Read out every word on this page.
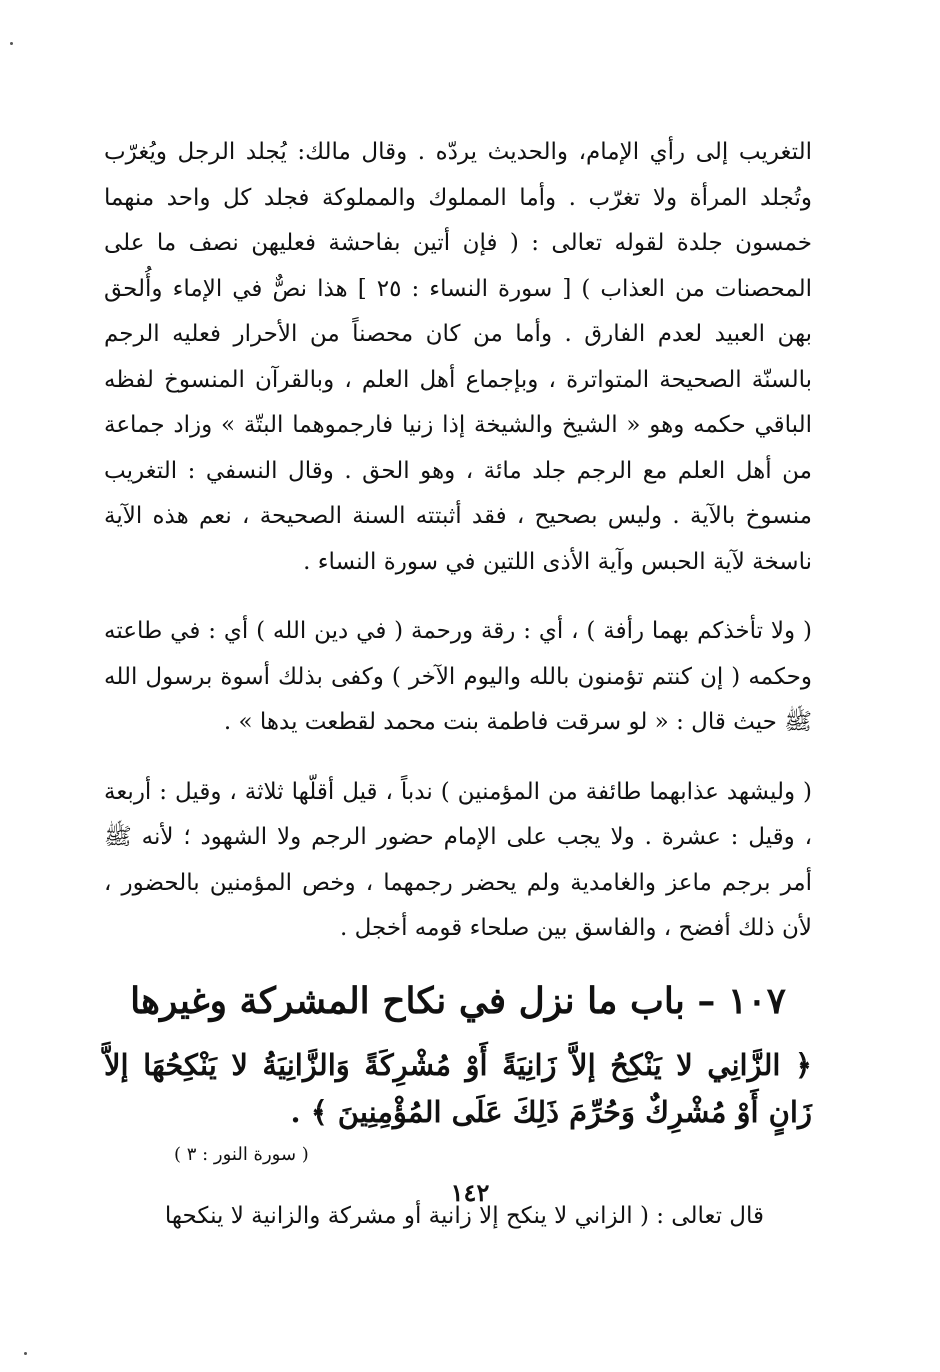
التغريب إلى رأي الإمام، والحديث يردّه . وقال مالك: يُجلد الرجل ويُغرّب وتُجلد المرأة ولا تغرّب . وأما المملوك والمملوكة فجلد كل واحد منهما خمسون جلدة لقوله تعالى : ( فإن أتين بفاحشة فعليهن نصف ما على المحصنات من العذاب ) [ سورة النساء : ٢٥ ] هذا نصٌّ في الإماء وأُلحق بهن العبيد لعدم الفارق . وأما من كان محصناً من الأحرار فعليه الرجم بالسنّة الصحيحة المتواترة ، وبإجماع أهل العلم ، وبالقرآن المنسوخ لفظه الباقي حكمه وهو « الشيخ والشيخة إذا زنيا فارجموهما البتّة » وزاد جماعة من أهل العلم مع الرجم جلد مائة ، وهو الحق . وقال النسفي : التغريب منسوخ بالآية . وليس بصحيح ، فقد أثبتته السنة الصحيحة ، نعم هذه الآية ناسخة لآية الحبس وآية الأذى اللتين في سورة النساء .

( ولا تأخذكم بهما رأفة ) ، أي : رقة ورحمة ( في دين الله ) أي : في طاعته وحكمه ( إن كنتم تؤمنون بالله واليوم الآخر ) وكفى بذلك أسوة برسول الله ﷺ حيث قال : « لو سرقت فاطمة بنت محمد لقطعت يدها » .

( وليشهد عذابهما طائفة من المؤمنين ) ندباً ، قيل أقلّها ثلاثة ، وقيل : أربعة ، وقيل : عشرة . ولا يجب على الإمام حضور الرجم ولا الشهود ؛ لأنه ﷺ أمر برجم ماعز والغامدية ولم يحضر رجمهما ، وخص المؤمنين بالحضور ، لأن ذلك أفضح ، والفاسق بين صلحاء قومه أخجل .

١٠٧ – باب ما نزل في نكاح المشركة وغيرها

﴿ الزَّانِي لا يَنْكِحُ إلاَّ زَانِيَةً أَوْ مُشْرِكَةً وَالزَّانِيَةُ لا يَنْكِحُهَا إلاَّ زَانٍ أَوْ مُشْرِكٌ وَحُرِّمَ ذَلِكَ عَلَى المُؤْمِنِينَ ﴾ .

( سورة النور : ٣ )

قال تعالى : ( الزاني لا ينكح إلا زانية أو مشركة والزانية لا ينكحها

١٤٢
